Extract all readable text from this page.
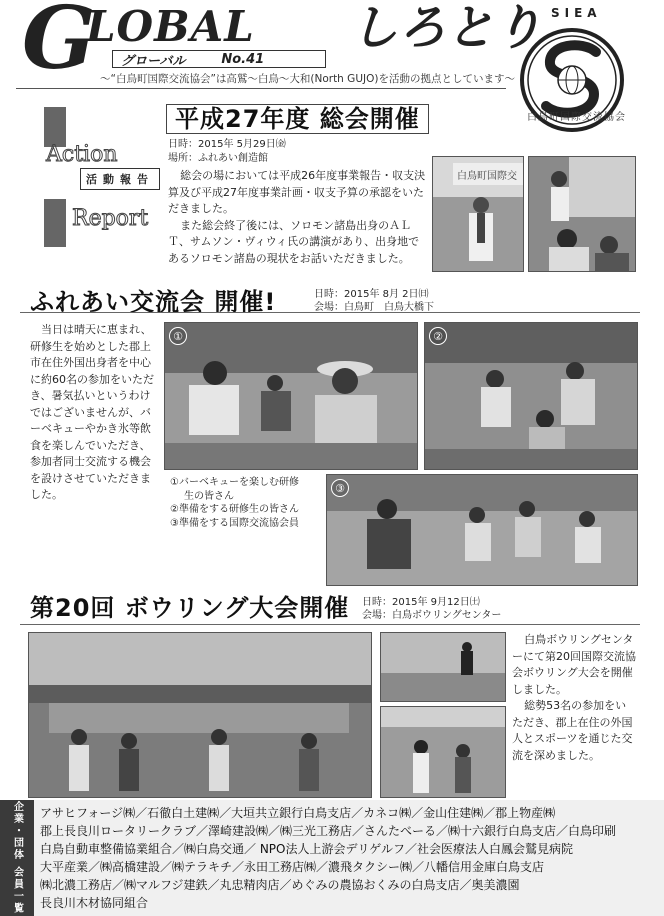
G
LOBAL しろとり
グローバル	No.41
〜“白鳥町国際交流協会”は高鷲〜白鳥〜大和(North GUJO)を活動の拠点としています〜
SIEA
白鳥町国際交流協会
Action
Report
活動報告
平成27年度 総会開催
日時：2015年 5月29日㈮
場所：ふれあい創造館

総会の場においては平成26年度事業報告・収支決算及び平成27年度事業計画・収支予算の承認をいただきました。

また総会終了後には、ソロモン諸島出身のＡＬＴ、サムソン・ヴィウィ氏の講演があり、出身地であるソロモン諸島の現状をお話いただきました。

白鳥町国際交
ふれあい交流会 開催!	日時：2015年 8月 2日㈰
会場：白鳥町　白鳥大橋下
当日は晴天に恵まれ、研修生を始めとした郡上市在住外国出身者を中心に約60名の参加をいただき、暑気払いというわけではございませんが、バーベキューやかき氷等飲食を楽しんでいただき、参加者同士交流する機会を設けさせていただきました。
①	②
③
①バーベキューを楽しむ研修
生の皆さん
②準備をする研修生の皆さん
③準備をする国際交流協会員
第20回 ボウリング大会開催 日時：2015年 9月12日㈯
会場：白鳥ボウリングセンター

白鳥ボウリングセンターにて第20回国際交流協会ボウリング大会を開催しました。

総勢53名の参加をいただき、郡上在住の外国人とスポーツを通じた交流を深めました。

企業・団体 会員一覧	アサヒフォージ㈱／石徹白土建㈱／大垣共立銀行白鳥支店／カネコ㈱／金山住建㈱／郡上物産㈱
郡上長良川ロータリークラブ／澤崎建設㈱／㈱三光工務店／さんたべーる／㈱十六銀行白鳥支店／白鳥印刷
白鳥自動車整備協業組合／㈱白鳥交通／ NPO法人上游会デリゲルフ／社会医療法人白鳳会鷲見病院
大平産業／㈱高橋建設／㈱テラキチ／永田工務店㈱／濃飛タクシー㈱／八幡信用金庫白鳥支店
㈱北濃工務店／㈱マルフジ建鉄／丸忠精肉店／めぐみの農協おくみの白鳥支店／奥美濃園
長良川木材協同組合
